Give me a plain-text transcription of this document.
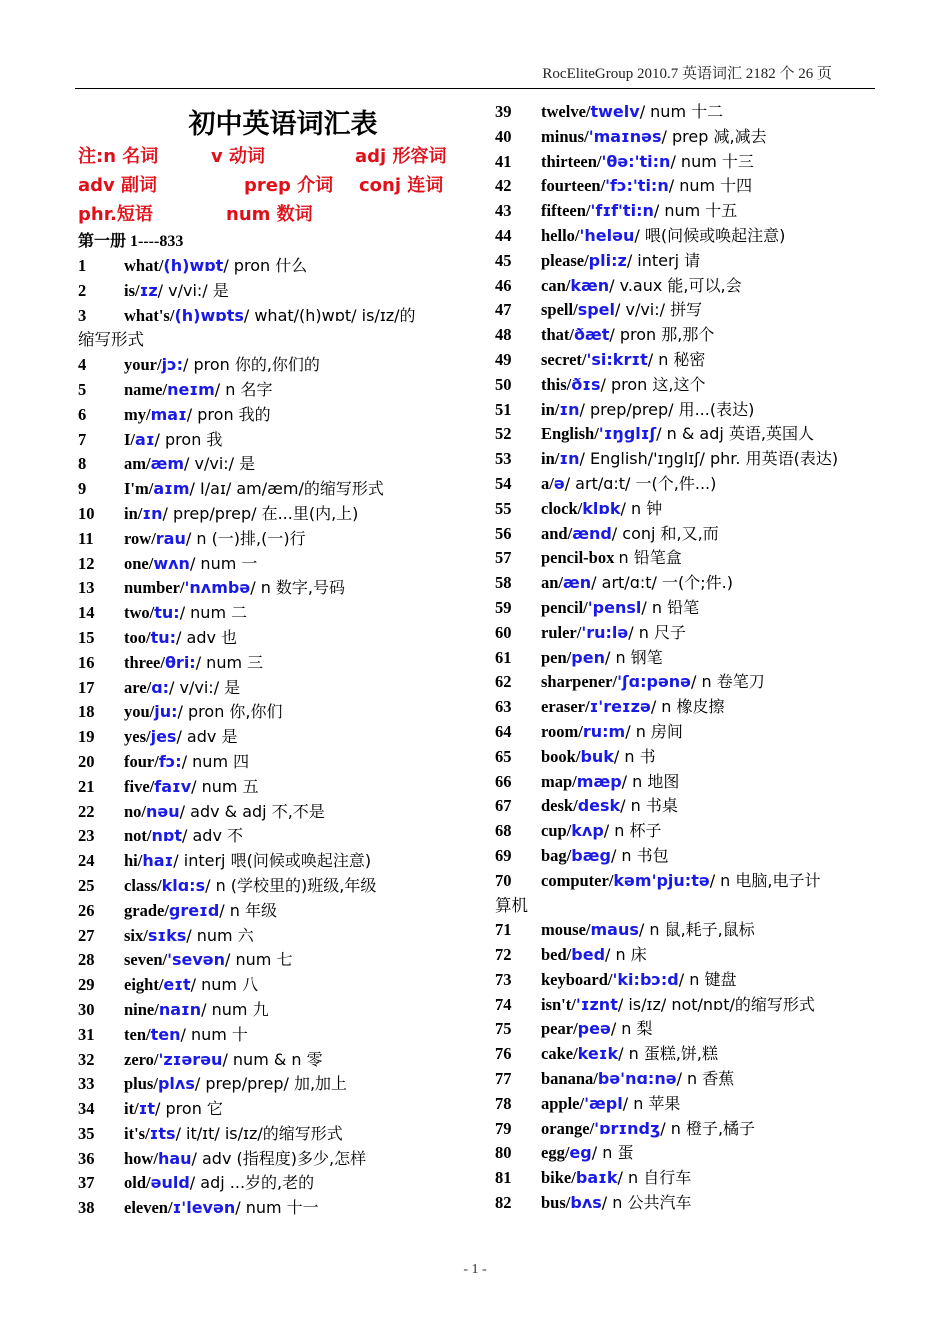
RocEliteGroup 2010.7 英语词汇 2182 个 26 页
初中英语词汇表
注:n 名词	v 动词	adj 形容词
adv 副词	prep 介词 conj 连词
phr.短语	num 数词
第一册 1----833
1 what/(h)wɒt/ pron 什么
2 is/ɪz/ v/vi:/ 是
3 what's/(h)wɒts/ what/(h)wɒt/ is/ɪz/的
缩写形式
4 your/jɔ:/ pron 你的,你们的
5 name/neɪm/ n 名字
6 my/maɪ/ pron 我的
7 I/aɪ/ pron 我
8 am/æm/ v/vi:/ 是
9 I'm/aɪm/ I/aɪ/ am/æm/的缩写形式
10 in/ɪn/ prep/prep/ 在...里(内,上)
11 row/rau/ n (一)排,(一)行
12 one/wʌn/ num 一
13 number/'nʌmbə/ n 数字,号码
14 two/tu:/ num 二
15 too/tu:/ adv 也
16 three/θri:/ num 三
17 are/ɑ:/ v/vi:/ 是
18 you/ju:/ pron 你,你们
19 yes/jes/ adv 是
20 four/fɔ:/ num 四
21 five/faɪv/ num 五
22 no/nəu/ adv & adj 不,不是
23 not/nɒt/ adv 不
24 hi/haɪ/ interj 喂(问候或唤起注意)
25 class/klɑ:s/ n (学校里的)班级,年级
26 grade/greɪd/ n 年级
27 six/sɪks/ num 六
28 seven/'sevən/ num 七
29 eight/eɪt/ num 八
30 nine/naɪn/ num 九
31 ten/ten/ num 十
32 zero/'zɪərəu/ num & n 零
33 plus/plʌs/ prep/prep/ 加,加上
34 it/ɪt/ pron 它
35 it's/ɪts/ it/ɪt/ is/ɪz/的缩写形式
36 how/hau/ adv (指程度)多少,怎样
37 old/əuld/ adj ...岁的,老的
38 eleven/ɪ'levən/ num 十一
39 twelve/twelv/ num 十二
40 minus/'maɪnəs/ prep 减,减去
41 thirteen/'θə:'ti:n/ num 十三
42 fourteen/'fɔ:'ti:n/ num 十四
43 fifteen/'fɪf'ti:n/ num 十五
44 hello/'heləu/ 喂(问候或唤起注意)
45 please/pli:z/ interj 请
46 can/kæn/ v.aux 能,可以,会
47 spell/spel/ v/vi:/ 拼写
48 that/ðæt/ pron 那,那个
49 secret/'si:krɪt/ n 秘密
50 this/ðɪs/ pron 这,这个
51 in/ɪn/ prep/prep/ 用...(表达)
52 English/'ɪŋglɪʃ/ n & adj 英语,英国人
53 in/ɪn/ English/'ɪŋglɪʃ/ phr. 用英语(表达)
54 a/ə/ art/ɑ:t/ 一(个,件...)
55 clock/klɒk/ n 钟
56 and/ænd/ conj 和,又,而
57 pencil-box n 铅笔盒
58 an/æn/ art/ɑ:t/ 一(个;件.)
59 pencil/'pensl/ n 铅笔
60 ruler/'ru:lə/ n 尺子
61 pen/pen/ n 钢笔
62 sharpener/'ʃɑ:pənə/ n 卷笔刀
63 eraser/ɪ'reɪzə/ n 橡皮擦
64 room/ru:m/ n 房间
65 book/buk/ n 书
66 map/mæp/ n 地图
67 desk/desk/ n 书桌
68 cup/kʌp/ n 杯子
69 bag/bæg/ n 书包
70 computer/kəm'pju:tə/ n 电脑,电子计
算机
71 mouse/maus/ n 鼠,耗子,鼠标
72 bed/bed/ n 床
73 keyboard/'ki:bɔ:d/ n 键盘
74 isn't/'ɪznt/ is/ɪz/ not/nɒt/的缩写形式
75 pear/peə/ n 梨
76 cake/keɪk/ n 蛋糕,饼,糕
77 banana/bə'nɑ:nə/ n 香蕉
78 apple/'æpl/ n 苹果
79 orange/'ɒrɪndʒ/ n 橙子,橘子
80 egg/eg/ n 蛋
81 bike/baɪk/ n 自行车
82 bus/bʌs/ n 公共汽车
- 1 -
